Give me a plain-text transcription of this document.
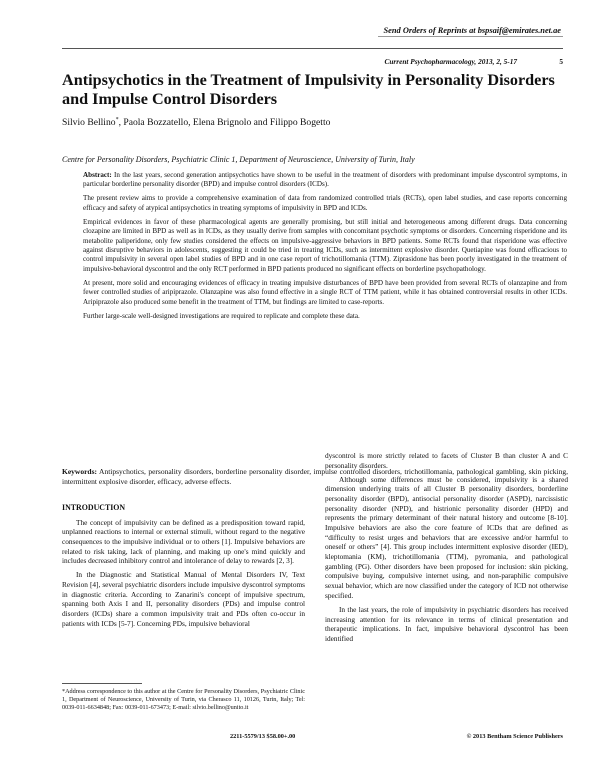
Send Orders of Reprints at bspsaif@emirates.net.ae
Current Psychopharmacology, 2013, 2, 5-17	5
Antipsychotics in the Treatment of Impulsivity in Personality Disorders and Impulse Control Disorders
Silvio Bellino*, Paola Bozzatello, Elena Brignolo and Filippo Bogetto
Centre for Personality Disorders, Psychiatric Clinic 1, Department of Neuroscience, University of Turin, Italy

Abstract: In the last years, second generation antipsychotics have shown to be useful in the treatment of disorders with predominant impulse dyscontrol symptoms, in particular borderline personality disorder (BPD) and impulse control disorders (ICDs).

The present review aims to provide a comprehensive examination of data from randomized controlled trials (RCTs), open label studies, and case reports concerning efficacy and safety of atypical antipsychotics in treating symptoms of impulsivity in BPD and ICDs.

Empirical evidences in favor of these pharmacological agents are generally promising, but still initial and heterogeneous among different drugs. Data concerning clozapine are limited in BPD as well as in ICDs, as they usually derive from samples with concomitant psychotic symptoms or disorders. Concerning risperidone and its metabolite paliperidone, only few studies considered the effects on impulsive-aggressive behaviors in BPD patients. Some RCTs found that risperidone was effective against disruptive behaviors in adolescents, suggesting it could be tried in treating ICDs, such as intermittent explosive disorder. Quetiapine was found efficacious to control impulsivity in several open label studies of BPD and in one case report of trichotillomania (TTM). Ziprasidone has been poorly investigated in the treatment of impulsive-behavioral dyscontrol and the only RCT performed in BPD patients produced no significant effects on borderline psychopathology.

At present, more solid and encouraging evidences of efficacy in treating impulsive disturbances of BPD have been provided from several RCTs of olanzapine and from fewer controlled studies of aripiprazole. Olanzapine was also found effective in a single RCT of TTM patient, while it has obtained controversial results in other ICDs. Aripiprazole also produced some benefit in the treatment of TTM, but findings are limited to case-reports.

Further large-scale well-designed investigations are required to replicate and complete these data.

Keywords: Antipsychotics, personality disorders, borderline personality disorder, impulse controlled disorders, trichotillomania, pathological gambling, skin picking, intermittent explosive disorder, efficacy, adverse effects.

INTRODUCTION

The concept of impulsivity can be defined as a predisposition toward rapid, unplanned reactions to internal or external stimuli, without regard to the negative consequences to the impulsive individual or to others [1]. Impulsive behaviors are related to risk taking, lack of planning, and making up one's mind quickly and includes decreased inhibitory control and intolerance of delay to rewards [2, 3].

In the Diagnostic and Statistical Manual of Mental Disorders IV, Text Revision [4], several psychiatric disorders include impulsive dyscontrol symptoms in diagnostic criteria. According to Zanarini's concept of impulsive spectrum, spanning both Axis I and II, personality disorders (PDs) and impulse control disorders (ICDs) share a common impulsivity trait and PDs often co-occur in patients with ICDs [5-7]. Concerning PDs, impulsive behavioral

dyscontrol is more strictly related to facets of Cluster B than cluster A and C personality disorders.

Although some differences must be considered, impulsivity is a shared dimension underlying traits of all Cluster B personality disorders, borderline personality disorder (BPD), antisocial personality disorder (ASPD), narcissistic personality disorder (NPD), and histrionic personality disorder (HPD) and represents the primary determinant of their natural history and outcome [8-10]. Impulsive behaviors are also the core feature of ICDs that are defined as “difficulty to resist urges and behaviors that are excessive and/or harmful to oneself or others” [4]. This group includes intermittent explosive disorder (IED), kleptomania (KM), trichotillomania (TTM), pyromania, and pathological gambling (PG). Other disorders have been proposed for inclusion: skin picking, compulsive buying, compulsive internet using, and non-paraphilic compulsive sexual behavior, which are now classified under the category of ICD not otherwise specified.

In the last years, the role of impulsivity in psychiatric disorders has received increasing attention for its relevance in terms of clinical presentation and therapeutic implications. In fact, impulsive behavioral dyscontrol has been identified

*Address correspondence to this author at the Centre for Personality Disorders, Psychiatric Clinic 1, Department of Neuroscience, University of Turin, via Cherasco 11, 10126, Turin, Italy; Tel: 0039-011-6634848; Fax: 0039-011-673473; E-mail: silvio.bellino@unito.it

2211-5579/13 $58.00+.00	© 2013 Bentham Science Publishers
